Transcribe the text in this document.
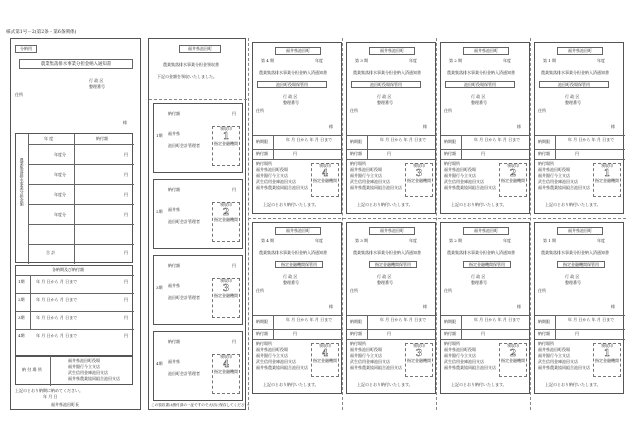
様式第1号－2(第2条・第6条関係)
分納用
農業集落排水事業分担金納入通知書
行 政 区
整理番号
住所
様
農業集落排水事業分担金額
年 度	納付額
年度分	円
年度分	円
年度分	円
年度分	円
合 計	円
各納期及び納付額
1期	年 月 日から 月 日まで	円
2期	年 月 日から 月 日まで	円
3期	年 月 日から 月 日まで	円
4期	年 月 日から 月 日まで	円
納 付 場 所
福井県池田町役場
福井銀行今立支店
武生信用金庫池田支店
福井県農業協同組合池田支店
上記のとおり納期に納めてください。
年 月 日
福井県池田町長
福井県池田町
農業集落排水事業分担金領収書
下記の金額を領収いたしました。
1期
納付額	円
福井県
池田町会計管理者
領収印
1
指定金融機関
2期
納付額	円
福井県
池田町会計管理者
領収印
2
指定金融機関
3期
納付額	円
福井県
池田町会計管理者
領収印
3
指定金融機関
4期
納付額	円
福井県
池田町会計管理者
領収印
4
指定金融機関
この領収書は納付済の一証ですので大切に保存してください。
福井県池田町
第 4 期	年度
農業集落排水事業分担金納入済通知書
池田町役場保管用
行 政 区
整理番号
住所
様
納期限	年 月 日から 年 月 日まで
納付額	円
納付場所
福井県池田町役場
福井銀行今立支店
武生信用金庫池田支店
福井県農業協同組合池田支店
領収印
4
指定金融機関
上記のとおり納付いたします。
福井県池田町
第 3 期	年度
農業集落排水事業分担金納入済通知書
池田町役場保管用
行 政 区
整理番号
住所
様
納期限	年 月 日から 年 月 日まで
納付額	円
納付場所
福井県池田町役場
福井銀行今立支店
武生信用金庫池田支店
福井県農業協同組合池田支店
領収印
3
指定金融機関
上記のとおり納付いたします。
福井県池田町
第 2 期	年度
農業集落排水事業分担金納入済通知書
池田町役場保管用
行 政 区
整理番号
住所
様
納期限	年 月 日から 年 月 日まで
納付額	円
納付場所
福井県池田町役場
福井銀行今立支店
武生信用金庫池田支店
福井県農業協同組合池田支店
領収印
2
指定金融機関
上記のとおり納付いたします。
福井県池田町
第 1 期	年度
農業集落排水事業分担金納入済通知書
池田町役場保管用
行 政 区
整理番号
住所
様
納期限	年 月 日から 年 月 日まで
納付額	円
納付場所
福井県池田町役場
福井銀行今立支店
武生信用金庫池田支店
福井県農業協同組合池田支店
領収印
1
指定金融機関
上記のとおり納付いたします。
福井県池田町
第 4 期	年度
農業集落排水事業分担金納入済通知書
指定金融機関保管用
行 政 区
整理番号
住所
様
納期限	年 月 日から 年 月 日まで
納付額	円
納付場所
福井県池田町役場
福井銀行今立支店
武生信用金庫池田支店
福井県農業協同組合池田支店
領収印
4
指定金融機関
上記のとおり納付いたします。
福井県池田町
第 3 期	年度
農業集落排水事業分担金納入済通知書
指定金融機関保管用
行 政 区
整理番号
住所
様
納期限	年 月 日から 年 月 日まで
納付額	円
納付場所
福井県池田町役場
福井銀行今立支店
武生信用金庫池田支店
福井県農業協同組合池田支店
領収印
3
指定金融機関
上記のとおり納付いたします。
福井県池田町
第 2 期	年度
農業集落排水事業分担金納入済通知書
指定金融機関保管用
行 政 区
整理番号
住所
様
納期限	年 月 日から 年 月 日まで
納付額	円
納付場所
福井県池田町役場
福井銀行今立支店
武生信用金庫池田支店
福井県農業協同組合池田支店
領収印
2
指定金融機関
上記のとおり納付いたします。
福井県池田町
第 1 期	年度
農業集落排水事業分担金納入済通知書
指定金融機関保管用
行 政 区
整理番号
住所
様
納期限	年 月 日から 年 月 日まで
納付額	円
納付場所
福井県池田町役場
福井銀行今立支店
武生信用金庫池田支店
福井県農業協同組合池田支店
領収印
1
指定金融機関
上記のとおり納付いたします。
